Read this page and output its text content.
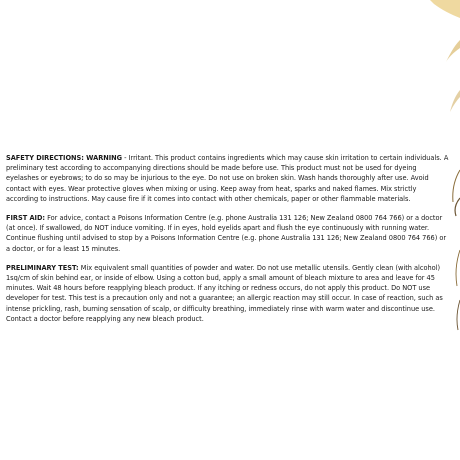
SAFETY DIRECTIONS: WARNING - Irritant. This product contains ingredients which may cause skin irritation to certain individuals. A preliminary test according to accompanying directions should be made before use. This product must not be used for dyeing eyelashes or eyebrows; to do so may be injurious to the eye. Do not use on broken skin. Wash hands thoroughly after use. Avoid contact with eyes. Wear protective gloves when mixing or using. Keep away from heat, sparks and naked flames. Mix strictly according to instructions. May cause fire if it comes into contact with other chemicals, paper or other flammable materials.

FIRST AID: For advice, contact a Poisons Information Centre (e.g. phone Australia 131 126; New Zealand 0800 764 766) or a doctor (at once). If swallowed, do NOT induce vomiting. If in eyes, hold eyelids apart and flush the eye continuously with running water. Continue flushing until advised to stop by a Poisons Information Centre (e.g. phone Australia 131 126; New Zealand 0800 764 766) or a doctor, or for a least 15 minutes.

PRELIMINARY TEST: Mix equivalent small quantities of powder and water. Do not use metallic utensils. Gently clean (with alcohol) 1sq/cm of skin behind ear, or inside of elbow. Using a cotton bud, apply a small amount of bleach mixture to area and leave for 45 minutes. Wait 48 hours before reapplying bleach product. If any itching or redness occurs, do not apply this product. Do NOT use developer for test. This test is a precaution only and not a guarantee; an allergic reaction may still occur. In case of reaction, such as intense prickling, rash, burning sensation of scalp, or difficulty breathing, immediately rinse with warm water and discontinue use. Contact a doctor before reapplying any new bleach product.
